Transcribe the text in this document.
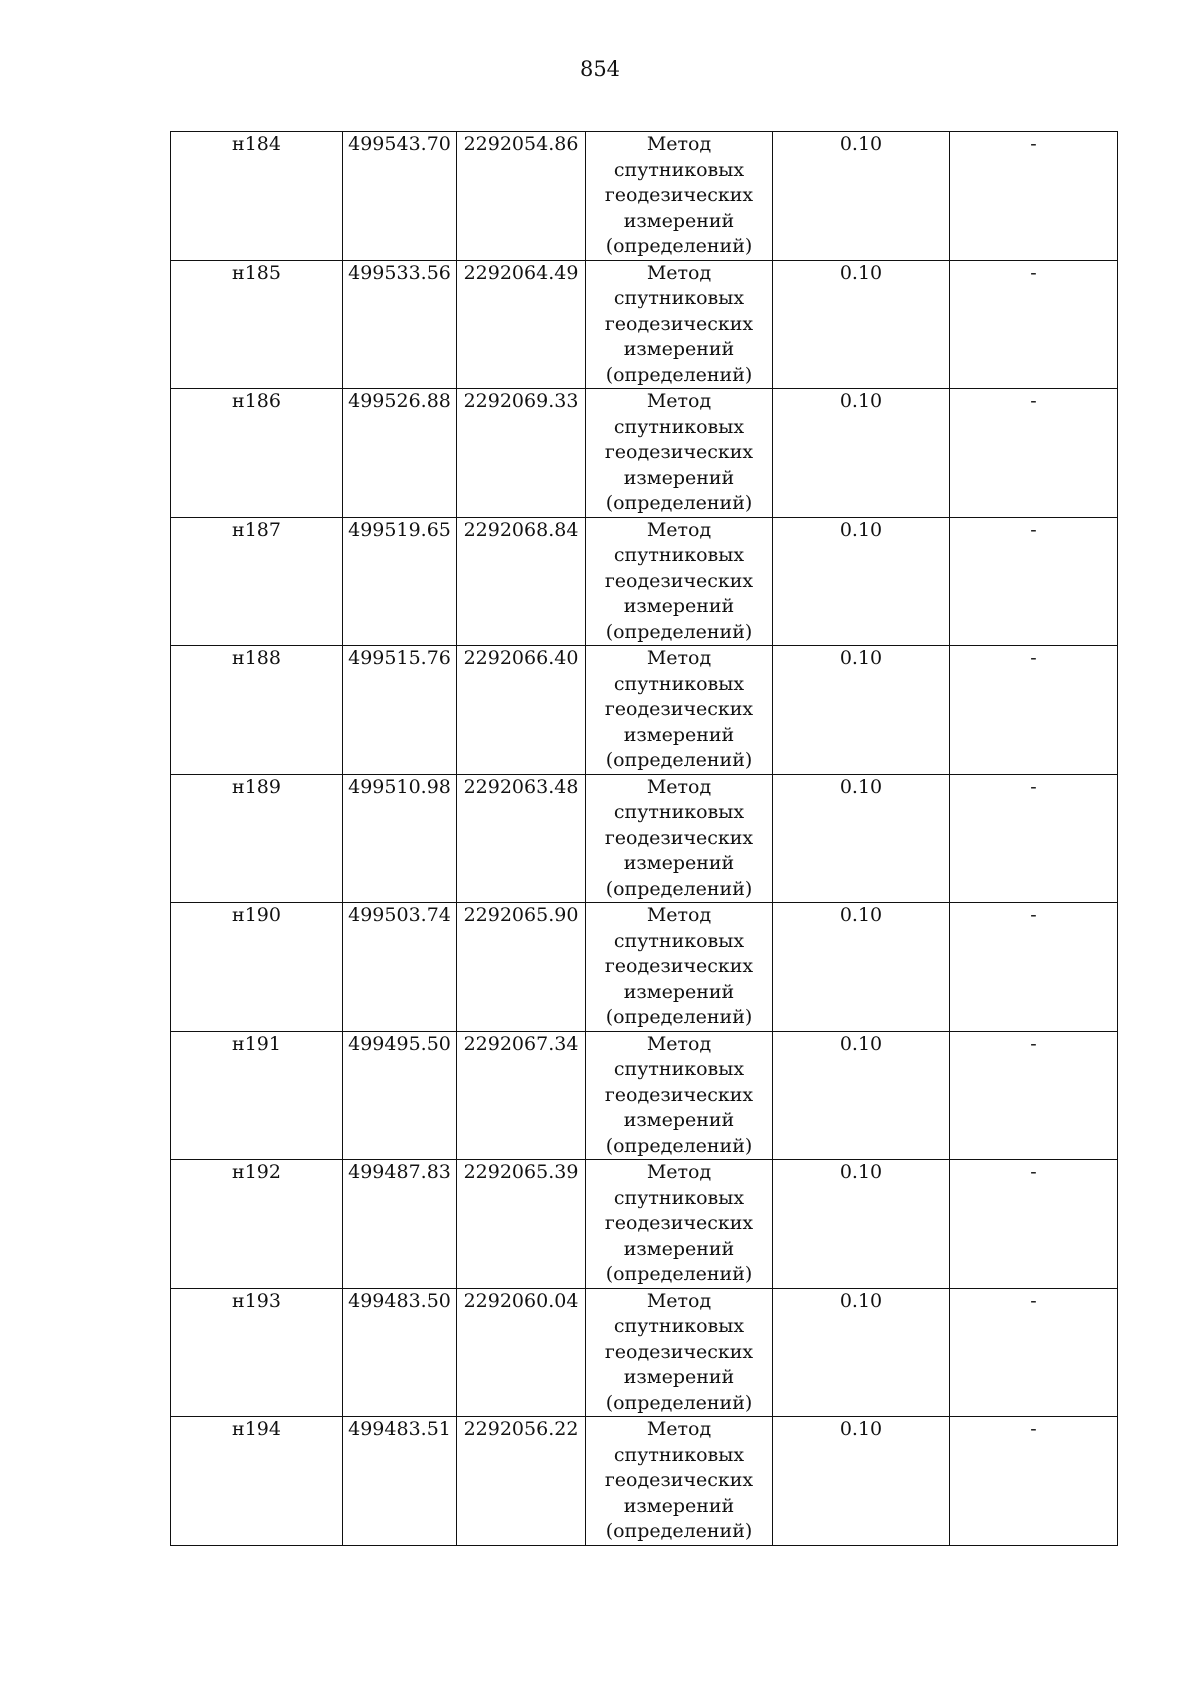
854
н184	499543.70	2292054.86	Метод
спутниковых
геодезических
измерений
(определений)	0.10	-
н185	499533.56	2292064.49	Метод
спутниковых
геодезических
измерений
(определений)	0.10	-
н186	499526.88	2292069.33	Метод
спутниковых
геодезических
измерений
(определений)	0.10	-
н187	499519.65	2292068.84	Метод
спутниковых
геодезических
измерений
(определений)	0.10	-
н188	499515.76	2292066.40	Метод
спутниковых
геодезических
измерений
(определений)	0.10	-
н189	499510.98	2292063.48	Метод
спутниковых
геодезических
измерений
(определений)	0.10	-
н190	499503.74	2292065.90	Метод
спутниковых
геодезических
измерений
(определений)	0.10	-
н191	499495.50	2292067.34	Метод
спутниковых
геодезических
измерений
(определений)	0.10	-
н192	499487.83	2292065.39	Метод
спутниковых
геодезических
измерений
(определений)	0.10	-
н193	499483.50	2292060.04	Метод
спутниковых
геодезических
измерений
(определений)	0.10	-
н194	499483.51	2292056.22	Метод
спутниковых
геодезических
измерений
(определений)	0.10	-
